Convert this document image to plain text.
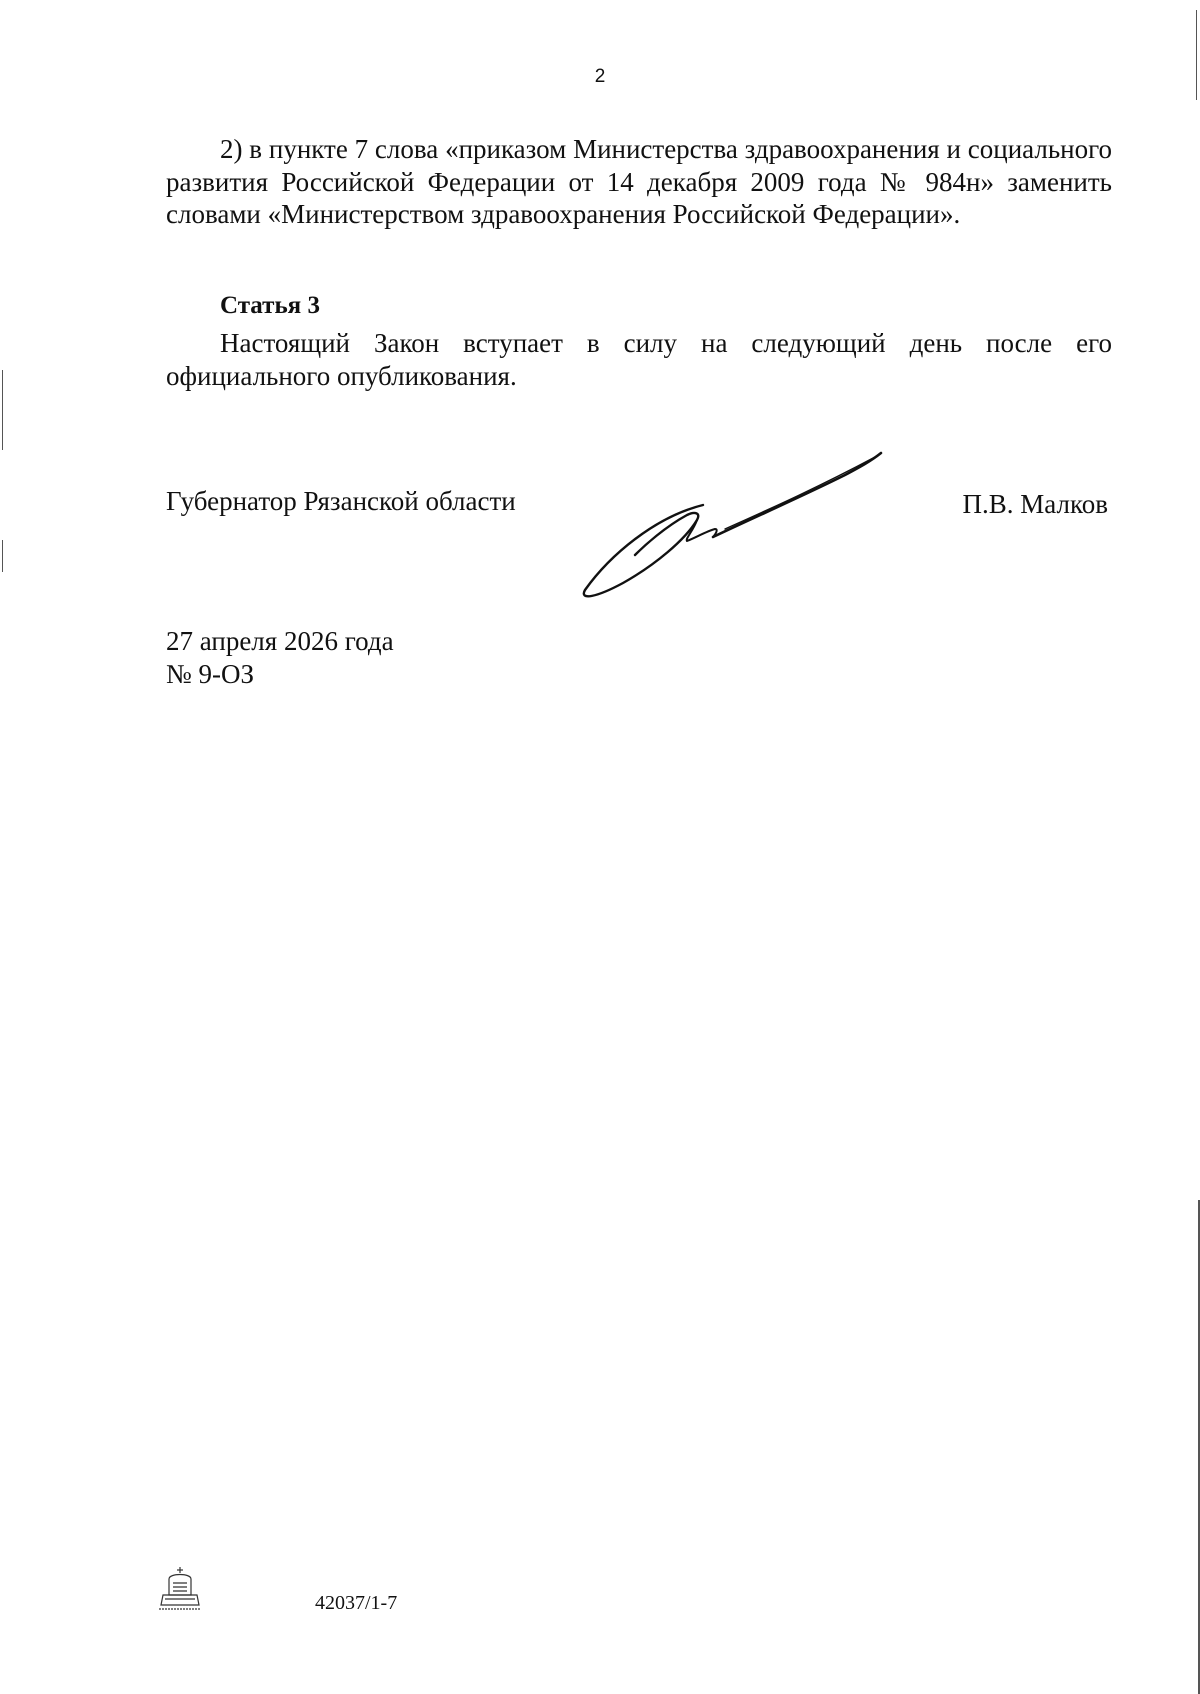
2

2) в пункте 7 слова «приказом Министерства здравоохранения и социального развития Российской Федерации от 14 декабря 2009 года № 984н» заменить словами «Министерством здравоохранения Российской Федерации».

Статья 3

Настоящий Закон вступает в силу на следующий день после его официального опубликования.

Губернатор Рязанской области	П.В. Малков
27 апреля 2026 года
№ 9-ОЗ
42037/1-7
